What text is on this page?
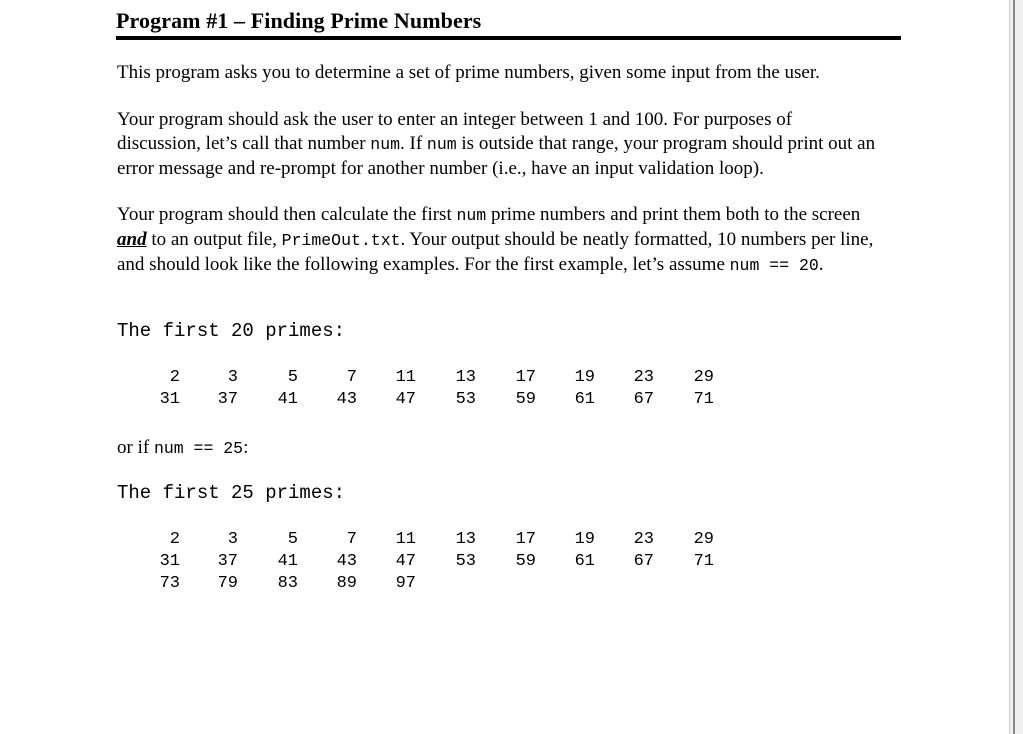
Program #1 – Finding Prime Numbers
This program asks you to determine a set of prime numbers, given some input from the user.
Your program should ask the user to enter an integer between 1 and 100. For purposes of discussion, let’s call that number num. If num is outside that range, your program should print out an error message and re-prompt for another number (i.e., have an input validation loop).
Your program should then calculate the first num prime numbers and print them both to the screen and to an output file, PrimeOut.txt. Your output should be neatly formatted, 10 numbers per line, and should look like the following examples. For the first example, let’s assume num == 20.
The first 20 primes:
2	3	5	7	11	13	17	19	23	29
31	37	41	43	47	53	59	61	67	71
or if num == 25:
The first 25 primes:
2	3	5	7	11	13	17	19	23	29
31	37	41	43	47	53	59	61	67	71
73	79	83	89	97
